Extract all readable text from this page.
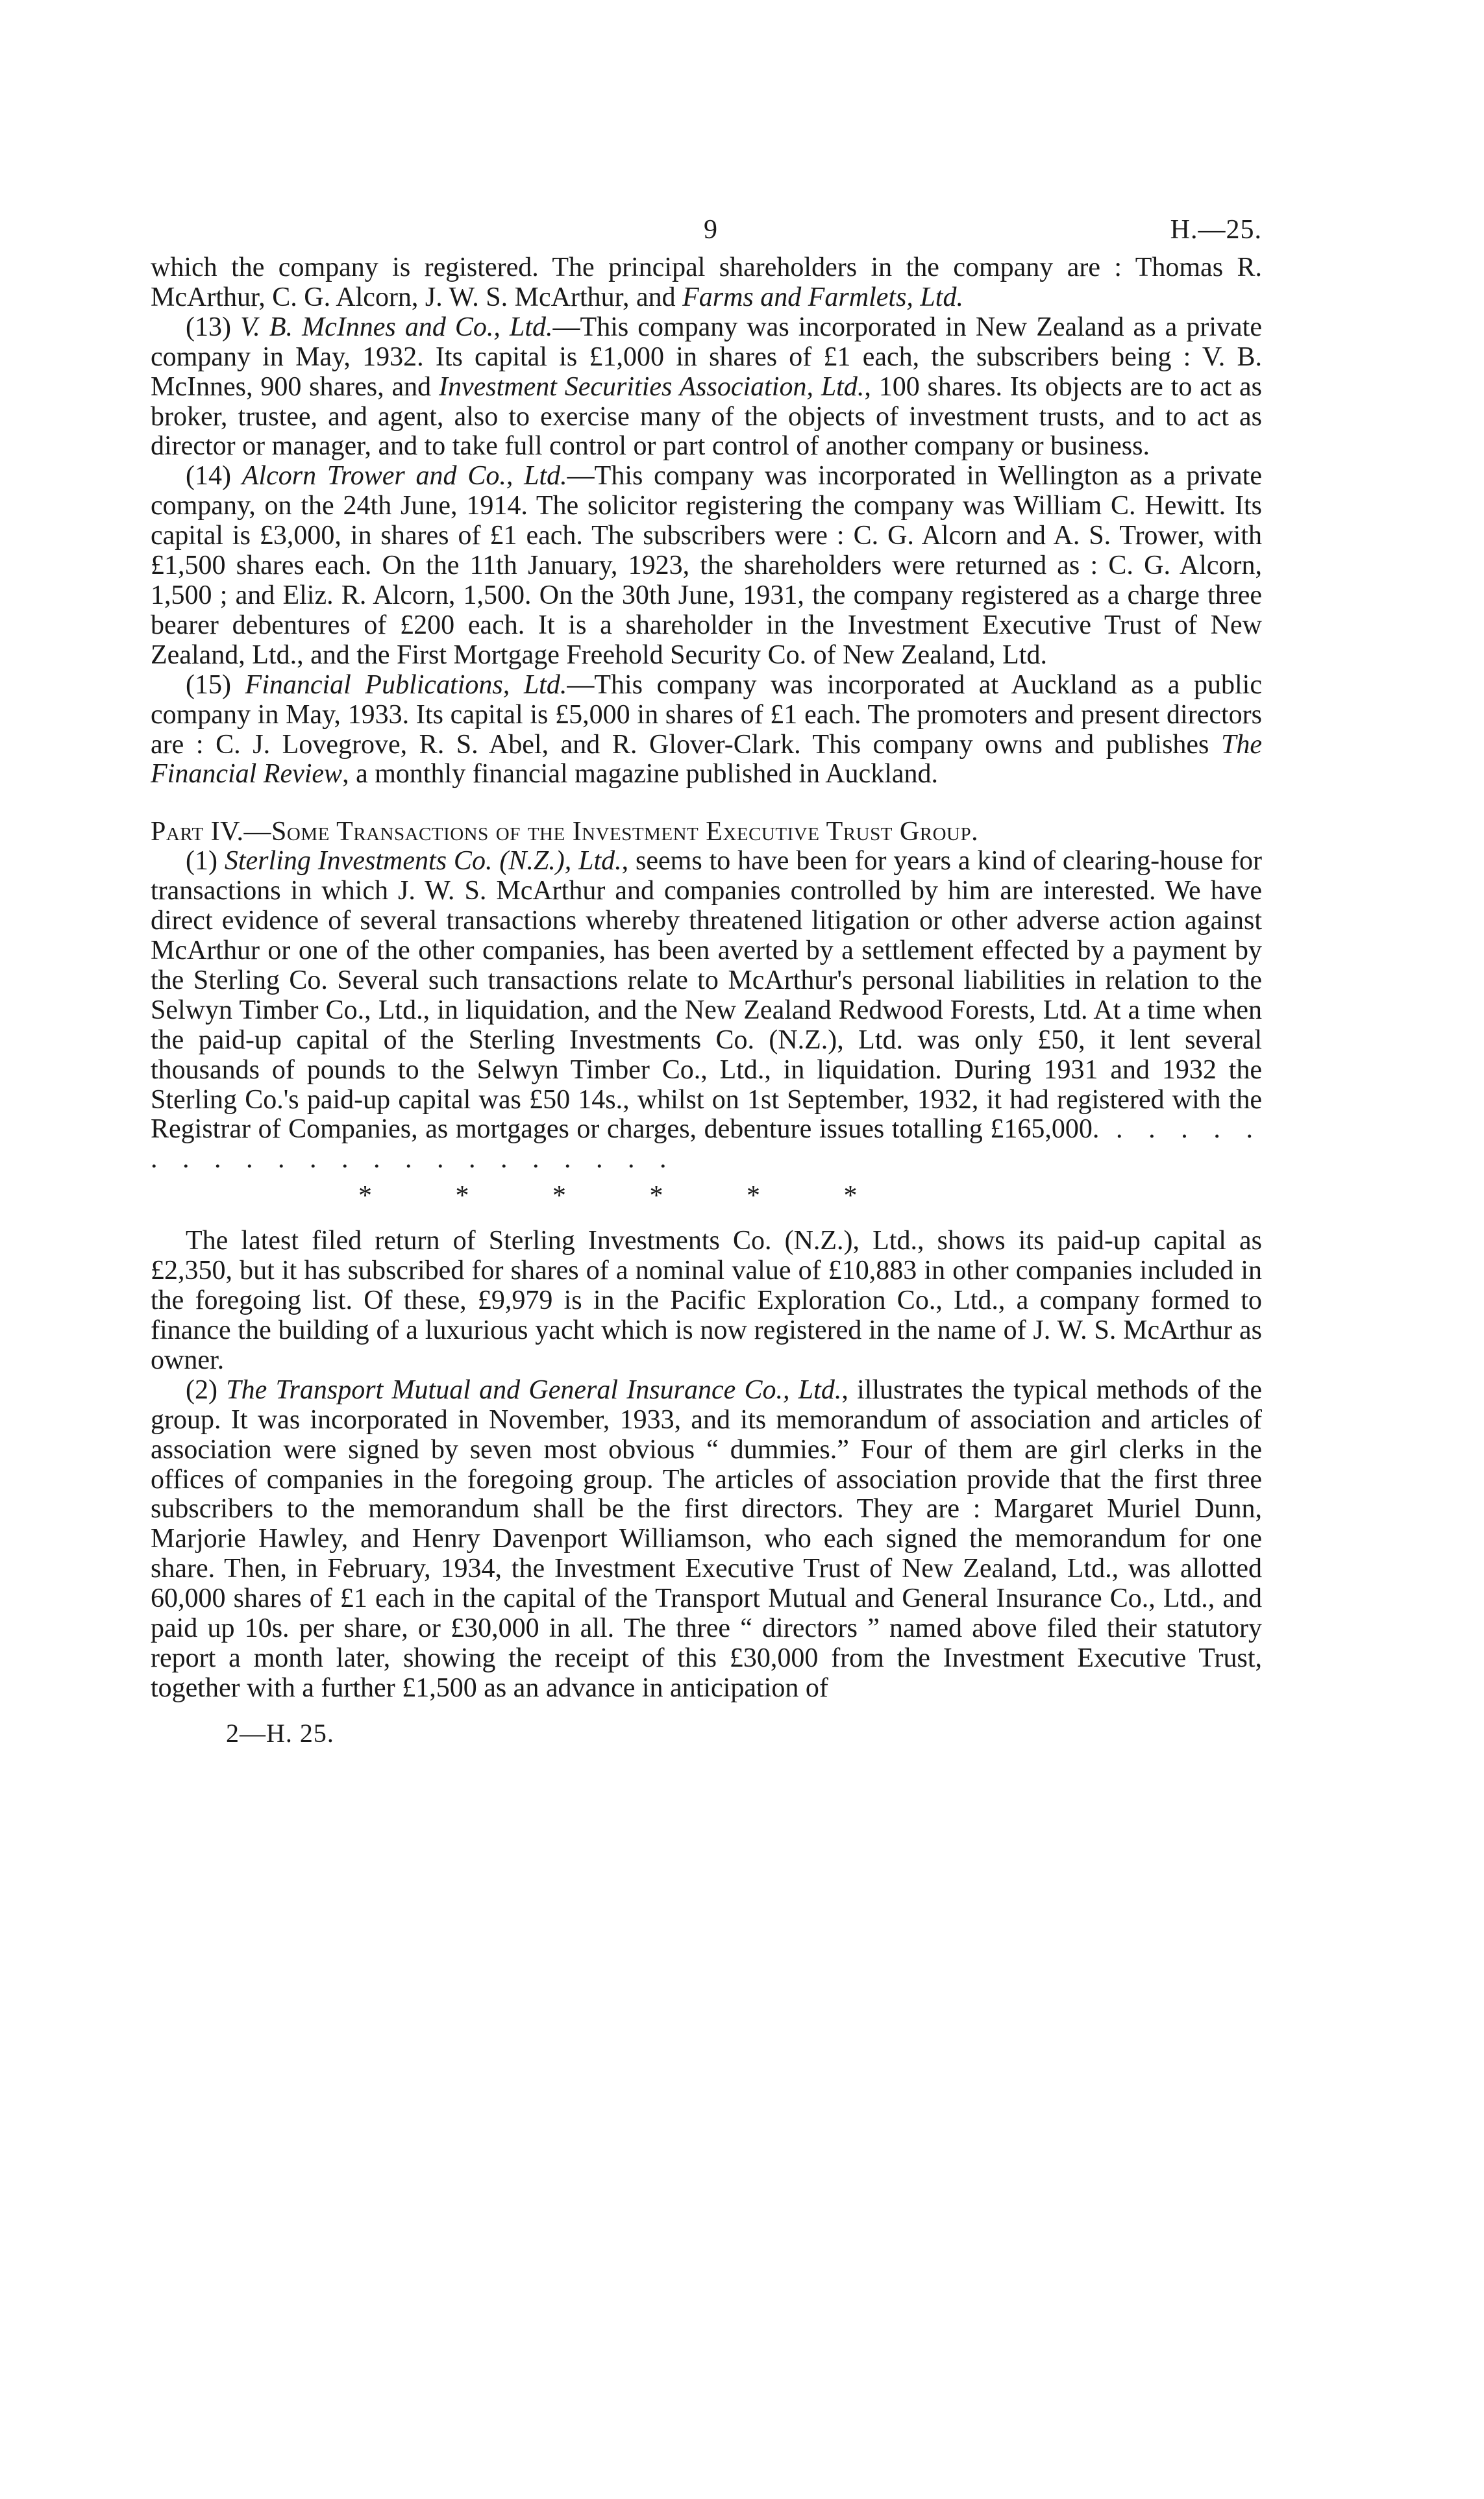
9	H.—25.

which the company is registered. The principal shareholders in the company are : Thomas R. McArthur, C. G. Alcorn, J. W. S. McArthur, and Farms and Farmlets, Ltd.

(13) V. B. McInnes and Co., Ltd.—This company was incorporated in New Zealand as a private company in May, 1932. Its capital is £1,000 in shares of £1 each, the subscribers being : V. B. McInnes, 900 shares, and Investment Securities Association, Ltd., 100 shares. Its objects are to act as broker, trustee, and agent, also to exercise many of the objects of investment trusts, and to act as director or manager, and to take full control or part control of another company or business.

(14) Alcorn Trower and Co., Ltd.—This company was incorporated in Wellington as a private company, on the 24th June, 1914. The solicitor registering the company was William C. Hewitt. Its capital is £3,000, in shares of £1 each. The subscribers were : C. G. Alcorn and A. S. Trower, with £1,500 shares each. On the 11th January, 1923, the shareholders were returned as : C. G. Alcorn, 1,500 ; and Eliz. R. Alcorn, 1,500. On the 30th June, 1931, the company registered as a charge three bearer debentures of £200 each. It is a shareholder in the Investment Executive Trust of New Zealand, Ltd., and the First Mortgage Freehold Security Co. of New Zealand, Ltd.

(15) Financial Publications, Ltd.—This company was incorporated at Auckland as a public company in May, 1933. Its capital is £5,000 in shares of £1 each. The promoters and present directors are : C. J. Lovegrove, R. S. Abel, and R. Glover-Clark. This company owns and publishes The Financial Review, a monthly financial magazine published in Auckland.

Part IV.—Some Transactions of the Investment Executive Trust Group.

(1) Sterling Investments Co. (N.Z.), Ltd., seems to have been for years a kind of clearing-house for transactions in which J. W. S. McArthur and companies controlled by him are interested. We have direct evidence of several transactions whereby threatened litigation or other adverse action against McArthur or one of the other companies, has been averted by a settlement effected by a payment by the Sterling Co. Several such transactions relate to McArthur's personal liabilities in relation to the Selwyn Timber Co., Ltd., in liquidation, and the New Zealand Redwood Forests, Ltd. At a time when the paid-up capital of the Sterling Investments Co. (N.Z.), Ltd. was only £50, it lent several thousands of pounds to the Selwyn Timber Co., Ltd., in liquidation. During 1931 and 1932 the Sterling Co.'s paid-up capital was £50 14s., whilst on 1st September, 1932, it had registered with the Registrar of Companies, as mortgages or charges, debenture issues totalling £165,000. . . . . . . . . . . . . . . . . . . . . . .

* * * * * *

The latest filed return of Sterling Investments Co. (N.Z.), Ltd., shows its paid-up capital as £2,350, but it has subscribed for shares of a nominal value of £10,883 in other companies included in the foregoing list. Of these, £9,979 is in the Pacific Exploration Co., Ltd., a company formed to finance the building of a luxurious yacht which is now registered in the name of J. W. S. McArthur as owner.

(2) The Transport Mutual and General Insurance Co., Ltd., illustrates the typical methods of the group. It was incorporated in November, 1933, and its memorandum of association and articles of association were signed by seven most obvious “ dummies.” Four of them are girl clerks in the offices of companies in the foregoing group. The articles of association provide that the first three subscribers to the memorandum shall be the first directors. They are : Margaret Muriel Dunn, Marjorie Hawley, and Henry Davenport Williamson, who each signed the memorandum for one share. Then, in February, 1934, the Investment Executive Trust of New Zealand, Ltd., was allotted 60,000 shares of £1 each in the capital of the Transport Mutual and General Insurance Co., Ltd., and paid up 10s. per share, or £30,000 in all. The three “ directors ” named above filed their statutory report a month later, showing the receipt of this £30,000 from the Investment Executive Trust, together with a further £1,500 as an advance in anticipation of

2—H. 25.
